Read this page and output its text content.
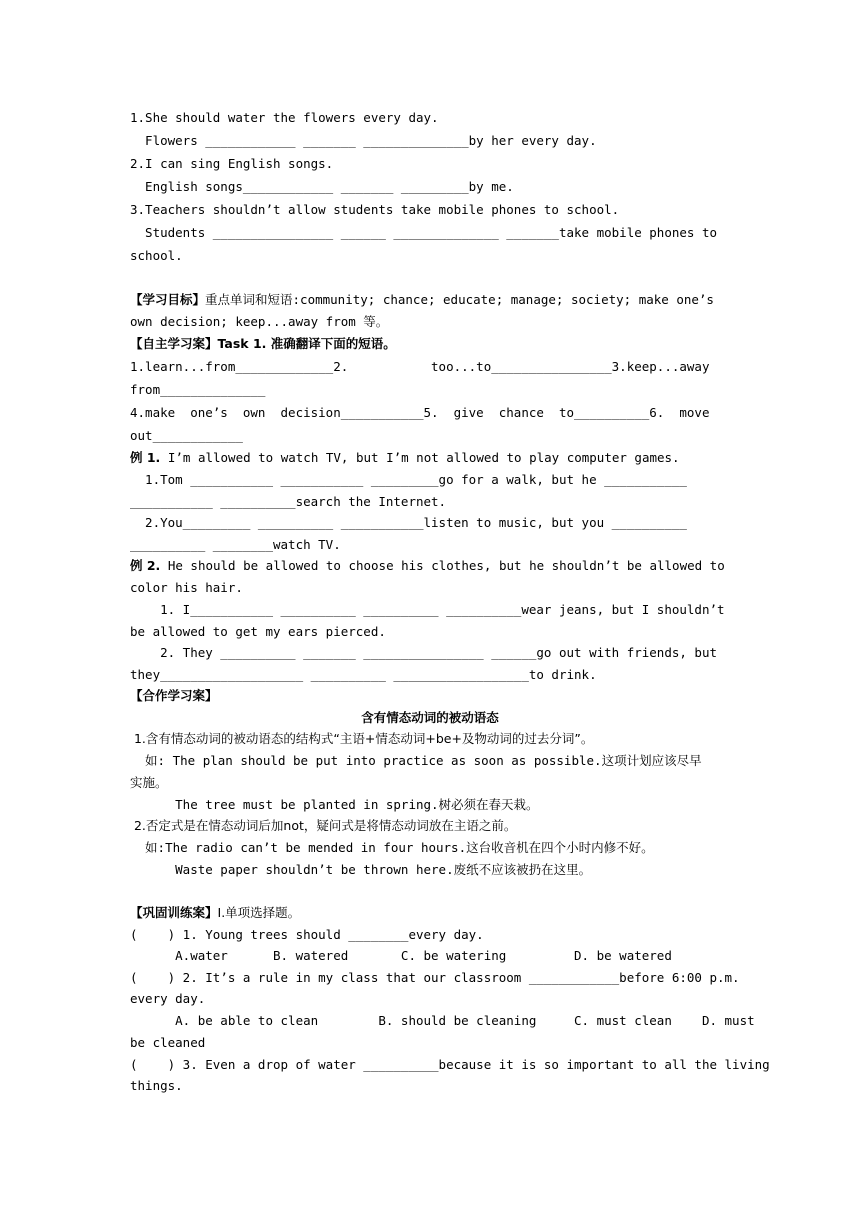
1.She should water the flowers every day.

Flowers ____________ _______ ______________by her every day.

2.I can sing English songs.

English songs____________ _______ _________by me.

3.Teachers shouldn’t allow students take mobile phones to school.

Students ________________ ______ ______________ _______take mobile phones to

school.

【学习目标】重点单词和短语:community; chance; educate; manage; society; make one’s

own decision; keep...away from 等。

【自主学习案】Task 1. 准确翻译下面的短语。

1.learn...from_____________2.           too...to________________3.keep...away

from______________

4.make  one’s  own  decision___________5.  give  chance  to__________6.  move

out____________

例 1. I’m allowed to watch TV, but I’m not allowed to play computer games.

1.Tom ___________ ___________ _________go for a walk, but he ___________

___________ __________search the Internet.

2.You_________ __________ ___________listen to music, but you __________

__________ ________watch TV.

例 2. He should be allowed to choose his clothes, but he shouldn’t be allowed to

color his hair.

1. I___________ __________ __________ __________wear jeans, but I shouldn’t

be allowed to get my ears pierced.

2. They __________ _______ ________________ ______go out with friends, but

they___________________ __________ __________________to drink.

【合作学习案】

含有情态动词的被动语态

1.含有情态动词的被动语态的结构式“主语+情态动词+be+及物动词的过去分词”。

如: The plan should be put into practice as soon as possible.这项计划应该尽早

实施。

The tree must be planted in spring.树必须在春天栽。

2.否定式是在情态动词后加not，疑问式是将情态动词放在主语之前。

如:The radio can’t be mended in four hours.这台收音机在四个小时内修不好。

Waste paper shouldn’t be thrown here.废纸不应该被扔在这里。

【巩固训练案】I.单项选择题。

(    ) 1. Young trees should ________every day.

A.water      B. watered       C. be watering         D. be watered

(    ) 2. It’s a rule in my class that our classroom ____________before 6:00 p.m.

every day.

A. be able to clean        B. should be cleaning     C. must clean    D. must

be cleaned

(    ) 3. Even a drop of water __________because it is so important to all the living

things.
